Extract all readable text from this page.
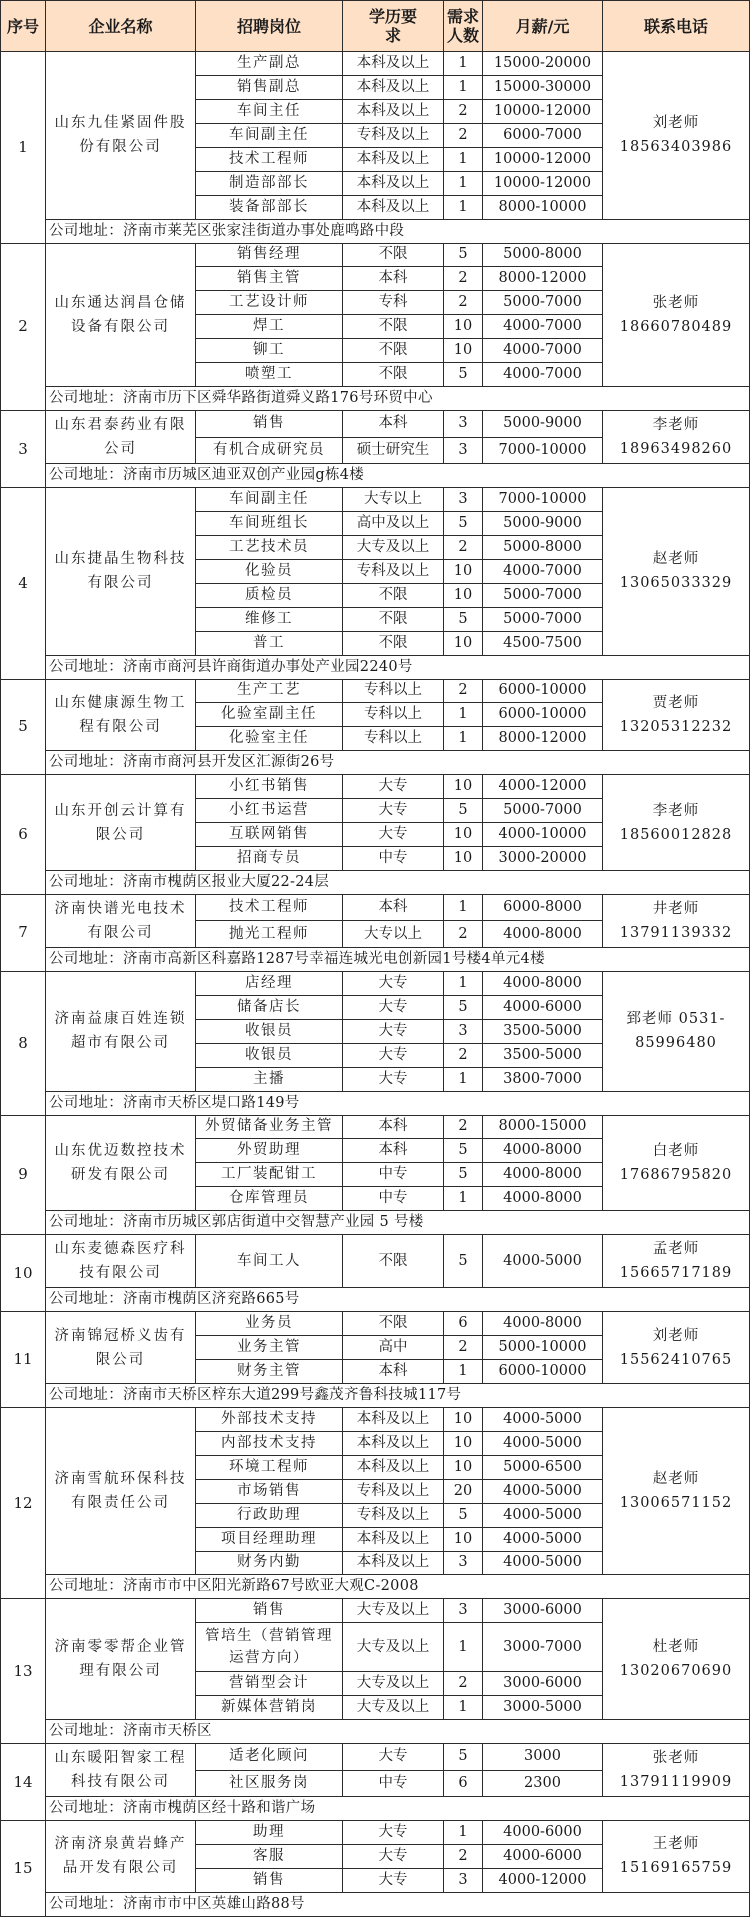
序号	企业名称	招聘岗位	学历要求	需求人数	月薪/元	联系电话
1	山东九佳紧固件股份有限公司	生产副总	本科及以上	1	15000-20000	刘老师 18563403986
		销售副总	本科及以上	1	15000-30000	
		车间主任	本科及以上	2	10000-12000	
		车间副主任	专科及以上	2	6000-7000	
		技术工程师	本科及以上	1	10000-12000	
		制造部部长	本科及以上	1	10000-12000	
		装备部部长	本科及以上	1	8000-10000	
	公司地址：济南市莱芜区张家洼街道办事处鹿鸣路中段					
2	山东通达润昌仓储设备有限公司	销售经理	不限	5	5000-8000	张老师 18660780489
		销售主管	本科	2	8000-12000	
		工艺设计师	专科	2	5000-7000	
		焊工	不限	10	4000-7000	
		铆工	不限	10	4000-7000	
		喷塑工	不限	5	4000-7000	
	公司地址：济南市历下区舜华路街道舜义路176号环贸中心					
3	山东君泰药业有限公司	销售	本科	3	5000-9000	李老师 18963498260
		有机合成研究员	硕士研究生	3	7000-10000	
	公司地址：济南市历城区迪亚双创产业园g栋4楼					
4	山东捷晶生物科技有限公司	车间副主任	大专以上	3	7000-10000	赵老师 13065033329
		车间班组长	高中及以上	5	5000-9000	
		工艺技术员	大专及以上	2	5000-8000	
		化验员	专科及以上	10	4000-7000	
		质检员	不限	10	5000-7000	
		维修工	不限	5	5000-7000	
		普工	不限	10	4500-7500	
	公司地址：济南市商河县许商街道办事处产业园2240号					
5	山东健康源生物工程有限公司	生产工艺	专科以上	2	6000-10000	贾老师 13205312232
		化验室副主任	专科以上	1	6000-10000	
		化验室主任	专科以上	1	8000-12000	
	公司地址：济南市商河县开发区汇源街26号					
6	山东开创云计算有限公司	小红书销售	大专	10	4000-12000	李老师 18560012828
		小红书运营	大专	5	5000-7000	
		互联网销售	大专	10	4000-10000	
		招商专员	中专	10	3000-20000	
	公司地址：济南市槐荫区报业大厦22-24层					
7	济南快谱光电技术有限公司	技术工程师	本科	1	6000-8000	井老师 13791139332
		抛光工程师	大专以上	2	4000-8000	
	公司地址：济南市高新区科嘉路1287号幸福连城光电创新园1号楼4单元4楼					
8	济南益康百姓连锁超市有限公司	店经理	大专	1	4000-8000	郅老师 0531-85996480
		储备店长	大专	5	4000-6000	
		收银员	大专	3	3500-5000	
		收银员	大专	2	3500-5000	
		主播	大专	1	3800-7000	
	公司地址：济南市天桥区堤口路149号					
9	山东优迈数控技术研发有限公司	外贸储备业务主管	本科	2	8000-15000	白老师 17686795820
		外贸助理	本科	5	4000-8000	
		工厂装配钳工	中专	5	4000-8000	
		仓库管理员	中专	1	4000-8000	
	公司地址：济南市历城区郭店街道中交智慧产业园 5 号楼					
10	山东麦德森医疗科技有限公司	车间工人	不限	5	4000-5000	孟老师 15665717189
	公司地址：济南市槐荫区济兖路665号					
11	济南锦冠桥义齿有限公司	业务员	不限	6	4000-8000	刘老师 15562410765
		业务主管	高中	2	5000-10000	
		财务主管	本科	1	6000-10000	
	公司地址：济南市天桥区梓东大道299号鑫茂齐鲁科技城117号					
12	济南雪航环保科技有限责任公司	外部技术支持	本科及以上	10	4000-5000	赵老师 13006571152
		内部技术支持	本科及以上	10	4000-5000	
		环境工程师	本科及以上	10	5000-6500	
		市场销售	专科及以上	20	4000-5000	
		行政助理	专科及以上	5	4000-5000	
		项目经理助理	本科及以上	10	4000-5000	
		财务内勤	本科及以上	3	4000-5000	
	公司地址：济南市市中区阳光新路67号欧亚大观C-2008					
13	济南零零帮企业管理有限公司	销售	大专及以上	3	3000-6000	杜老师 13020670690
		管培生（营销管理运营方向）	大专及以上	1	3000-7000	
		营销型会计	大专及以上	2	3000-6000	
		新媒体营销岗	大专及以上	1	3000-5000	
	公司地址：济南市天桥区					
14	山东暖阳智家工程科技有限公司	适老化顾问	大专	5	3000	张老师 13791119909
		社区服务岗	中专	6	2300	
	公司地址：济南市槐荫区经十路和谐广场					
15	济南济泉黄岩蜂产品开发有限公司	助理	大专	1	4000-6000	王老师 15169165759
		客服	大专	2	4000-6000	
		销售	大专	3	4000-12000	
	公司地址：济南市市中区英雄山路88号					
